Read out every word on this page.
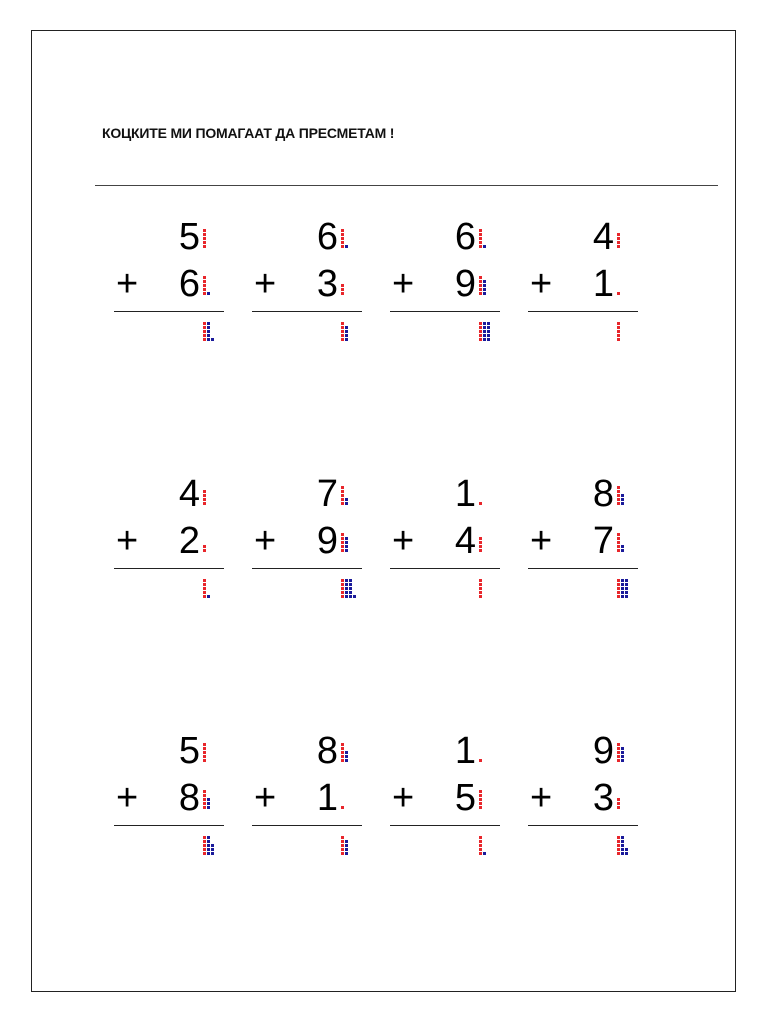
КОЦКИТЕ МИ ПОМАГААТ ДА ПРЕСМЕТАМ !
5
+ 6
6
+ 3
6
+ 9
4
+ 1
4
+ 2
7
+ 9
1
+ 4
8
+ 7
5
+ 8
8
+ 1
1
+ 5
9
+ 3
